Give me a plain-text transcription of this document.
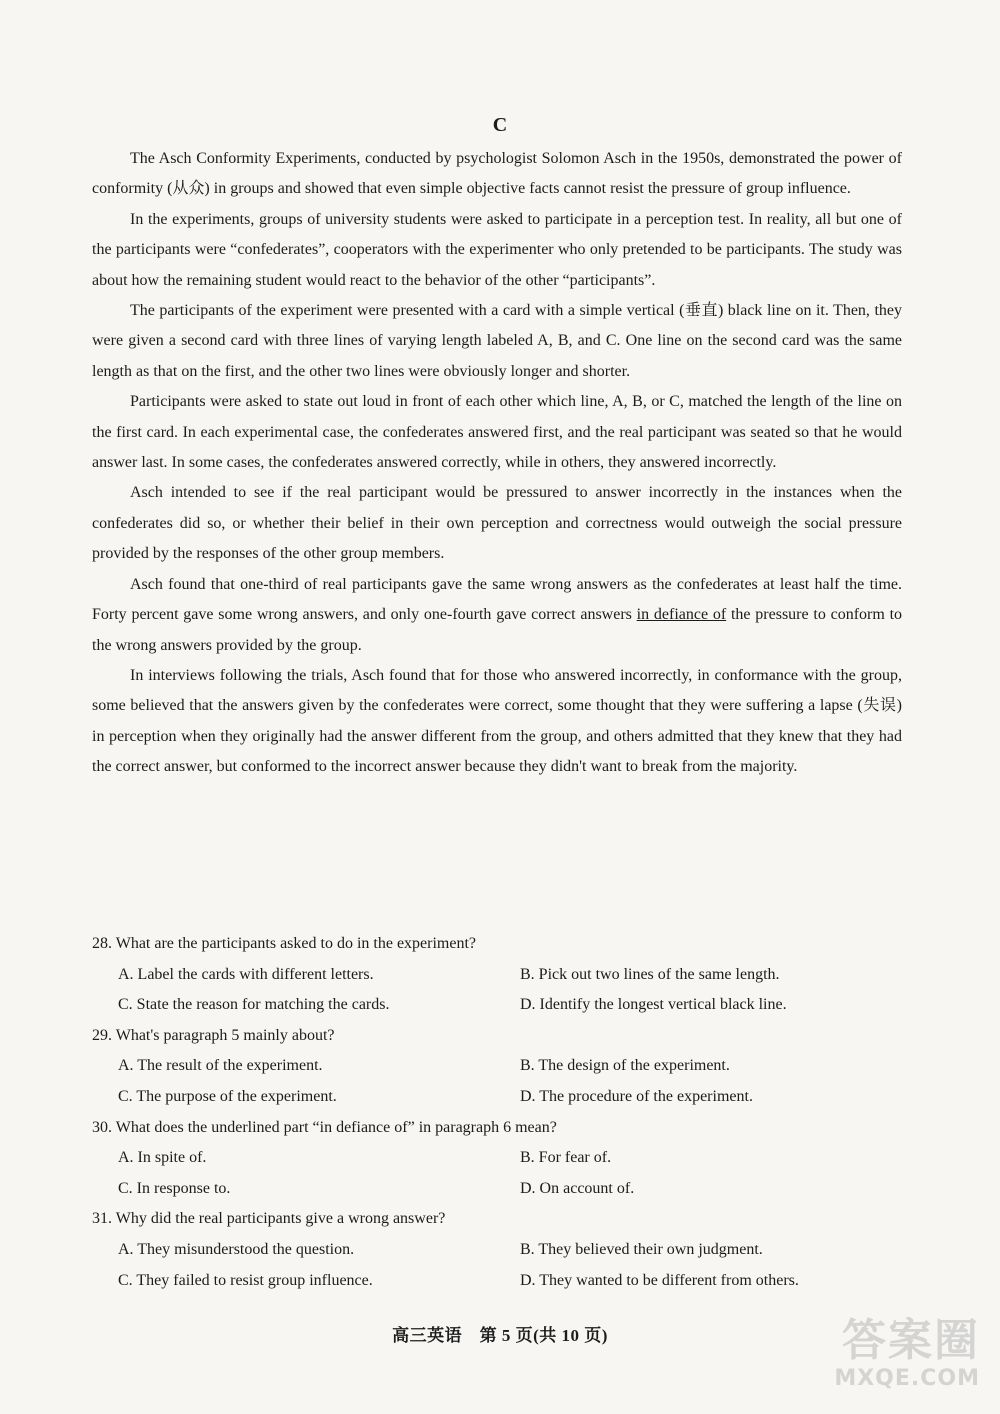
C

The Asch Conformity Experiments, conducted by psychologist Solomon Asch in the 1950s, demonstrated the power of conformity (从众) in groups and showed that even simple objective facts cannot resist the pressure of group influence.

In the experiments, groups of university students were asked to participate in a perception test. In reality, all but one of the participants were “confederates”, cooperators with the experimenter who only pretended to be participants. The study was about how the remaining student would react to the behavior of the other “participants”.

The participants of the experiment were presented with a card with a simple vertical (垂直) black line on it. Then, they were given a second card with three lines of varying length labeled A, B, and C. One line on the second card was the same length as that on the first, and the other two lines were obviously longer and shorter.

Participants were asked to state out loud in front of each other which line, A, B, or C, matched the length of the line on the first card. In each experimental case, the confederates answered first, and the real participant was seated so that he would answer last. In some cases, the confederates answered correctly, while in others, they answered incorrectly.

Asch intended to see if the real participant would be pressured to answer incorrectly in the instances when the confederates did so, or whether their belief in their own perception and correctness would outweigh the social pressure provided by the responses of the other group members.

Asch found that one-third of real participants gave the same wrong answers as the confederates at least half the time. Forty percent gave some wrong answers, and only one-fourth gave correct answers in defiance of the pressure to conform to the wrong answers provided by the group.

In interviews following the trials, Asch found that for those who answered incorrectly, in conformance with the group, some believed that the answers given by the confederates were correct, some thought that they were suffering a lapse (失误) in perception when they originally had the answer different from the group, and others admitted that they knew that they had the correct answer, but conformed to the incorrect answer because they didn't want to break from the majority.

28. What are the participants asked to do in the experiment?

A. Label the cards with different letters.	B. Pick out two lines of the same length.
C. State the reason for matching the cards.	D. Identify the longest vertical black line.

29. What's paragraph 5 mainly about?

A. The result of the experiment.	B. The design of the experiment.
C. The purpose of the experiment.	D. The procedure of the experiment.

30. What does the underlined part “in defiance of” in paragraph 6 mean?

A. In spite of.	B. For fear of.
C. In response to.	D. On account of.

31. Why did the real participants give a wrong answer?

A. They misunderstood the question.	B. They believed their own judgment.
C. They failed to resist group influence.	D. They wanted to be different from others.
高三英语　第 5 页(共 10 页)	答案圈
MXQE.COM
